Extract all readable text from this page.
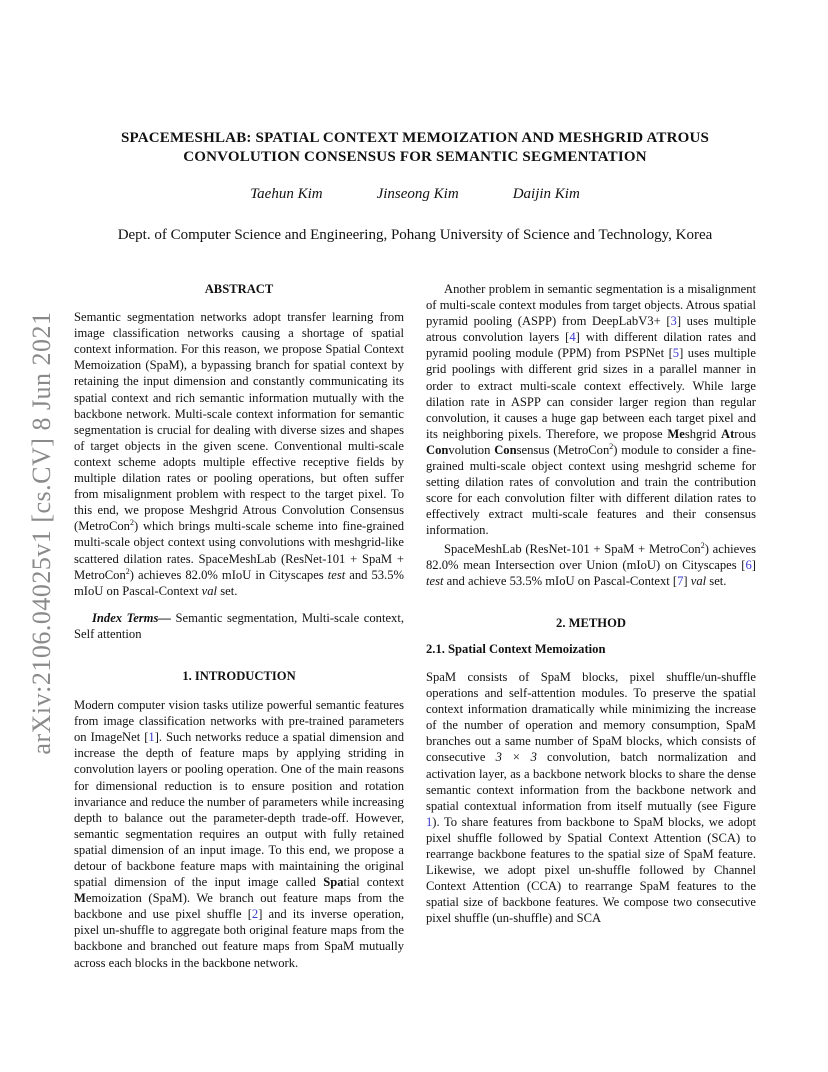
arXiv:2106.04025v1 [cs.CV] 8 Jun 2021
SPACEMESHLAB: SPATIAL CONTEXT MEMOIZATION AND MESHGRID ATROUS
CONVOLUTION CONSENSUS FOR SEMANTIC SEGMENTATION
Taehun Kim	Jinseong Kim	Daijin Kim
Dept. of Computer Science and Engineering, Pohang University of Science and Technology, Korea

ABSTRACT

Semantic segmentation networks adopt transfer learning from image classification networks causing a shortage of spatial context information. For this reason, we propose Spatial Context Memoization (SpaM), a bypassing branch for spatial context by retaining the input dimension and constantly communicating its spatial context and rich semantic information mutually with the backbone network. Multi-scale context information for semantic segmentation is crucial for dealing with diverse sizes and shapes of target objects in the given scene. Conventional multi-scale context scheme adopts multiple effective receptive fields by multiple dilation rates or pooling operations, but often suffer from misalignment problem with respect to the target pixel. To this end, we propose Meshgrid Atrous Convolution Consensus (MetroCon$^2$) which brings multi-scale scheme into fine-grained multi-scale object context using convolutions with meshgrid-like scattered dilation rates. SpaceMeshLab (ResNet-101 + SpaM + MetroCon$^2$) achieves 82.0% mIoU in Cityscapes test and 53.5% mIoU on Pascal-Context val set.

Index Terms— Semantic segmentation, Multi-scale context, Self attention

1. INTRODUCTION

Modern computer vision tasks utilize powerful semantic features from image classification networks with pre-trained parameters on ImageNet [1]. Such networks reduce a spatial dimension and increase the depth of feature maps by applying striding in convolution layers or pooling operation. One of the main reasons for dimensional reduction is to ensure position and rotation invariance and reduce the number of parameters while increasing depth to balance out the parameter-depth trade-off. However, semantic segmentation requires an output with fully retained spatial dimension of an input image. To this end, we propose a detour of backbone feature maps with maintaining the original spatial dimension of the input image called Spatial context Memoization (SpaM). We branch out feature maps from the backbone and use pixel shuffle [2] and its inverse operation, pixel un-shuffle to aggregate both original feature maps from the backbone and branched out feature maps from SpaM mutually across each blocks in the backbone network.

Another problem in semantic segmentation is a misalignment of multi-scale context modules from target objects. Atrous spatial pyramid pooling (ASPP) from DeepLabV3+ [3] uses multiple atrous convolution layers [4] with different dilation rates and pyramid pooling module (PPM) from PSPNet [5] uses multiple grid poolings with different grid sizes in a parallel manner in order to extract multi-scale context effectively. While large dilation rate in ASPP can consider larger region than regular convolution, it causes a huge gap between each target pixel and its neighboring pixels. Therefore, we propose Meshgrid Atrous Convolution Consensus (MetroCon$^2$) module to consider a fine-grained multi-scale object context using meshgrid scheme for setting dilation rates of convolution and train the contribution score for each convolution filter with different dilation rates to effectively extract multi-scale features and their consensus information.

SpaceMeshLab (ResNet-101 + SpaM + MetroCon$^2$) achieves 82.0% mean Intersection over Union (mIoU) on Cityscapes [6] test and achieve 53.5% mIoU on Pascal-Context [7] val set.

2. METHOD

2.1. Spatial Context Memoization

SpaM consists of SpaM blocks, pixel shuffle/un-shuffle operations and self-attention modules. To preserve the spatial context information dramatically while minimizing the increase of the number of operation and memory consumption, SpaM branches out a same number of SpaM blocks, which consists of consecutive 3 × 3 convolution, batch normalization and activation layer, as a backbone network blocks to share the dense semantic context information from the backbone network and spatial contextual information from itself mutually (see Figure 1). To share features from backbone to SpaM blocks, we adopt pixel shuffle followed by Spatial Context Attention (SCA) to rearrange backbone features to the spatial size of SpaM feature. Likewise, we adopt pixel un-shuffle followed by Channel Context Attention (CCA) to rearrange SpaM features to the spatial size of backbone features. We compose two consecutive pixel shuffle (un-shuffle) and SCA
